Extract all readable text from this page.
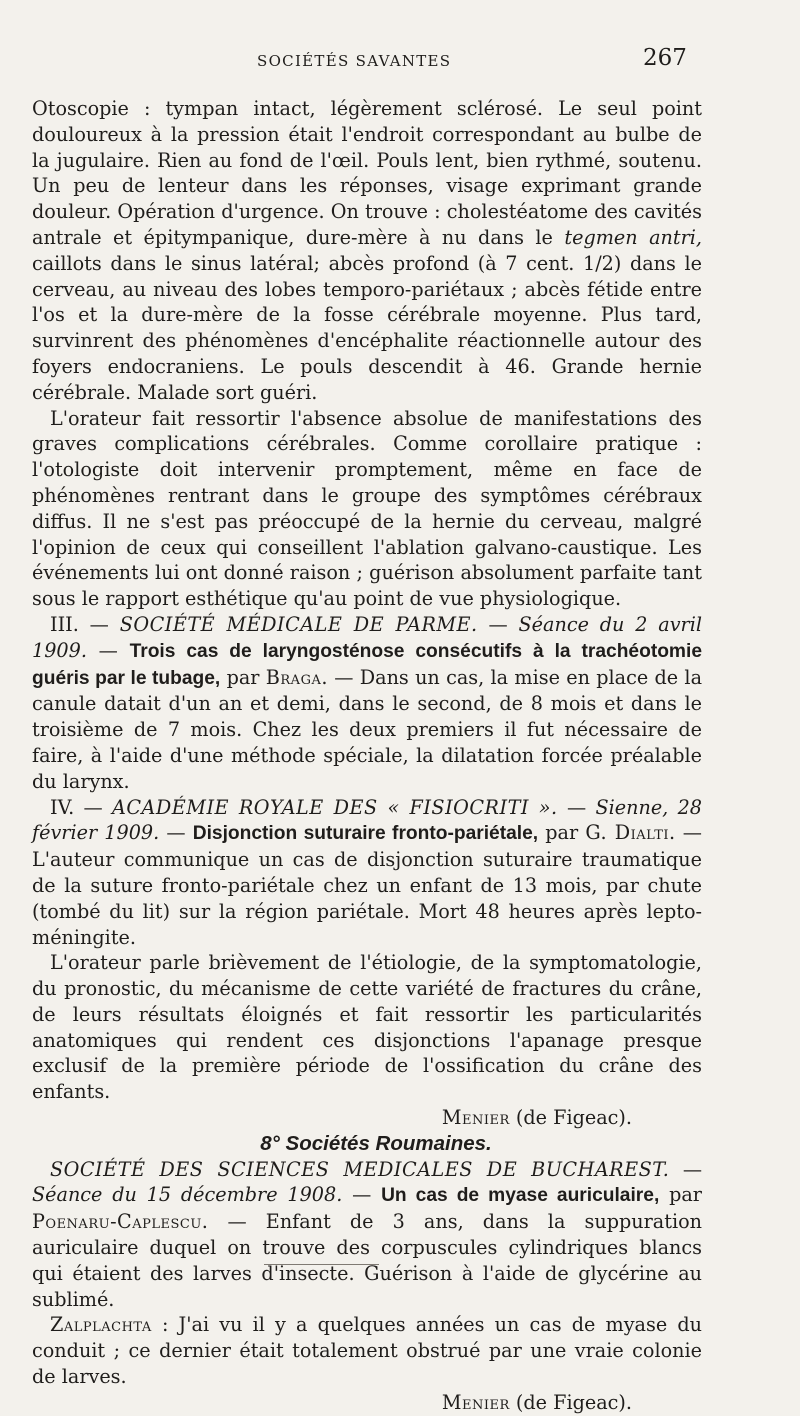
SOCIÉTÉS SAVANTES	267

Otoscopie : tympan intact, légèrement sclérosé. Le seul point douloureux à la pression était l'endroit correspondant au bulbe de la jugulaire. Rien au fond de l'œil. Pouls lent, bien rythmé, soutenu. Un peu de lenteur dans les réponses, visage exprimant grande douleur. Opération d'urgence. On trouve : cholestéatome des cavités antrale et épitympanique, dure-mère à nu dans le tegmen antri, caillots dans le sinus latéral; abcès profond (à 7 cent. 1/2) dans le cerveau, au niveau des lobes temporo-pariétaux ; abcès fétide entre l'os et la dure-mère de la fosse cérébrale moyenne. Plus tard, survinrent des phénomènes d'encéphalite réactionnelle autour des foyers endocraniens. Le pouls descendit à 46. Grande hernie cérébrale. Malade sort guéri.

L'orateur fait ressortir l'absence absolue de manifestations des graves complications cérébrales. Comme corollaire pratique : l'otologiste doit intervenir promptement, même en face de phénomènes rentrant dans le groupe des symptômes cérébraux diffus. Il ne s'est pas préoccupé de la hernie du cerveau, malgré l'opinion de ceux qui conseillent l'ablation galvano-caustique. Les événements lui ont donné raison ; guérison absolument parfaite tant sous le rapport esthétique qu'au point de vue physiologique.

III. — SOCIÉTÉ MÉDICALE DE PARME. — Séance du 2 avril 1909. — Trois cas de laryngosténose consécutifs à la trachéotomie guéris par le tubage, par Braga. — Dans un cas, la mise en place de la canule datait d'un an et demi, dans le second, de 8 mois et dans le troisième de 7 mois. Chez les deux premiers il fut nécessaire de faire, à l'aide d'une méthode spéciale, la dilatation forcée préalable du larynx.

IV. — ACADÉMIE ROYALE DES « FISIOCRITI ». — Sienne, 28 février 1909. — Disjonction suturaire fronto-pariétale, par G. Dialti. — L'auteur communique un cas de disjonction suturaire traumatique de la suture fronto-pariétale chez un enfant de 13 mois, par chute (tombé du lit) sur la région pariétale. Mort 48 heures après lepto-méningite.

L'orateur parle brièvement de l'étiologie, de la symptomatologie, du pronostic, du mécanisme de cette variété de fractures du crâne, de leurs résultats éloignés et fait ressortir les particularités anatomiques qui rendent ces disjonctions l'apanage presque exclusif de la première période de l'ossification du crâne des enfants.

Menier (de Figeac).

8° Sociétés Roumaines.

SOCIÉTÉ DES SCIENCES MEDICALES DE BUCHAREST. — Séance du 15 décembre 1908. — Un cas de myase auriculaire, par Poenaru-Caplescu. — Enfant de 3 ans, dans la suppuration auriculaire duquel on trouve des corpuscules cylindriques blancs qui étaient des larves d'insecte. Guérison à l'aide de glycérine au sublimé.

Zalplachta : J'ai vu il y a quelques années un cas de myase du conduit ; ce dernier était totalement obstrué par une vraie colonie de larves.

Menier (de Figeac).
